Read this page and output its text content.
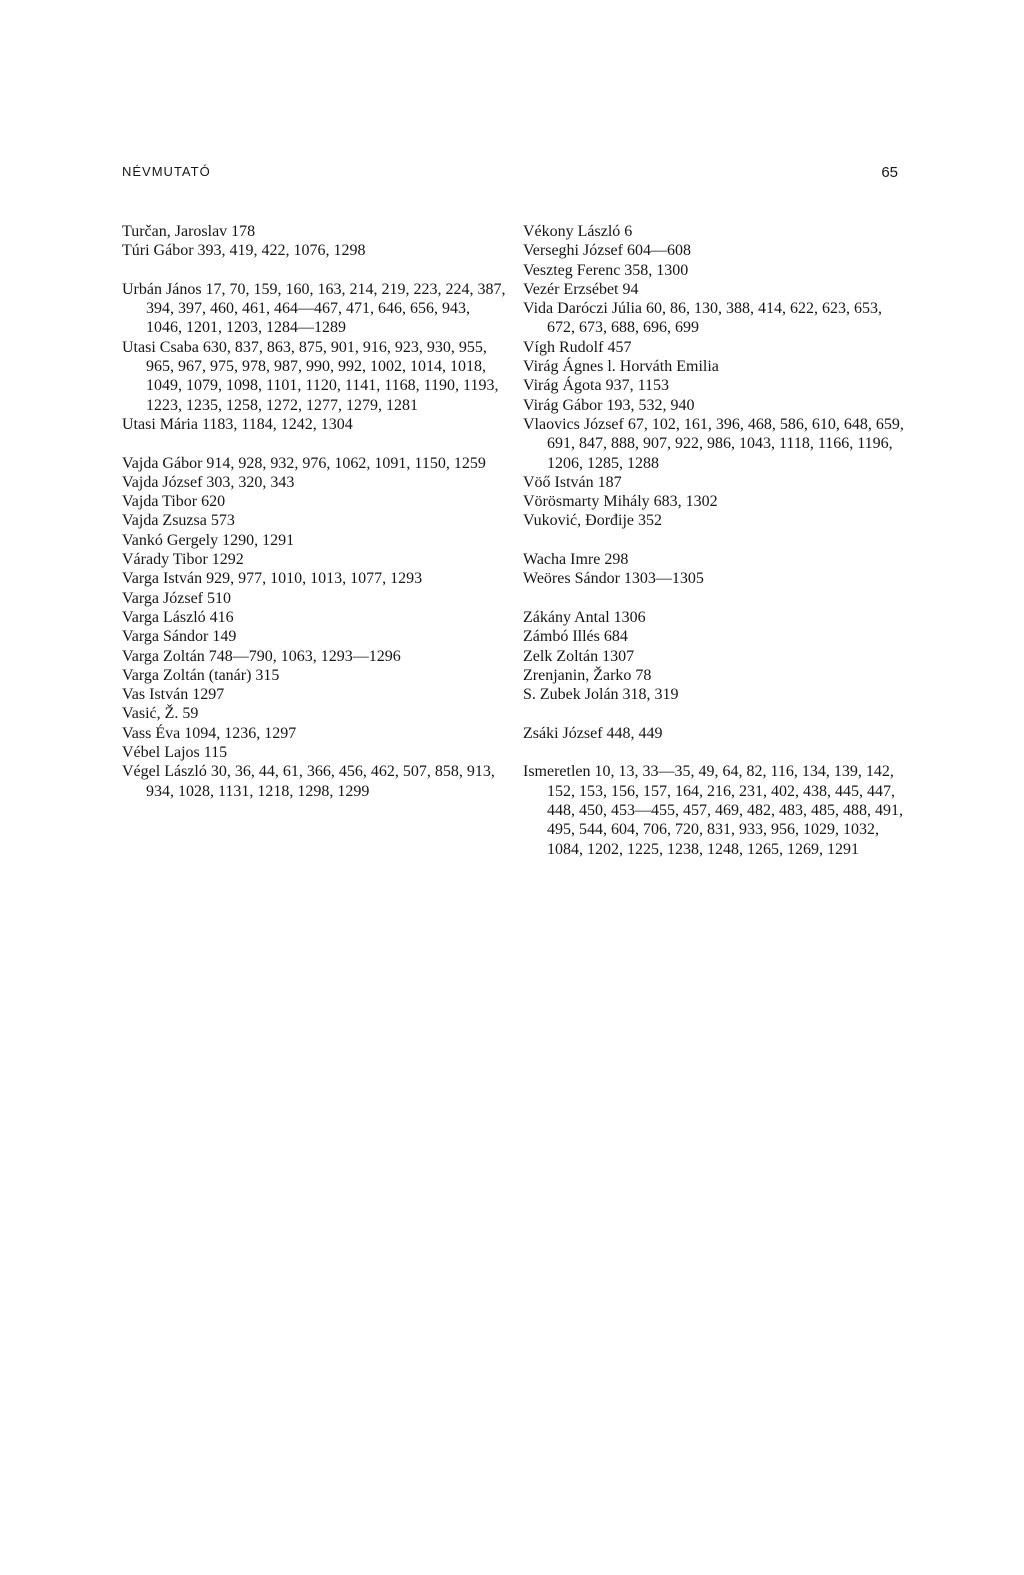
NÉVMUTATÓ	65
Turčan, Jaroslav 178
Túri Gábor 393, 419, 422, 1076, 1298
Urbán János 17, 70, 159, 160, 163, 214, 219, 223, 224, 387, 394, 397, 460, 461, 464—467, 471, 646, 656, 943, 1046, 1201, 1203, 1284—1289
Utasi Csaba 630, 837, 863, 875, 901, 916, 923, 930, 955, 965, 967, 975, 978, 987, 990, 992, 1002, 1014, 1018, 1049, 1079, 1098, 1101, 1120, 1141, 1168, 1190, 1193, 1223, 1235, 1258, 1272, 1277, 1279, 1281
Utasi Mária 1183, 1184, 1242, 1304
Vajda Gábor 914, 928, 932, 976, 1062, 1091, 1150, 1259
Vajda József 303, 320, 343
Vajda Tibor 620
Vajda Zsuzsa 573
Vankó Gergely 1290, 1291
Várady Tibor 1292
Varga István 929, 977, 1010, 1013, 1077, 1293
Varga József 510
Varga László 416
Varga Sándor 149
Varga Zoltán 748—790, 1063, 1293—1296
Varga Zoltán (tanár) 315
Vas István 1297
Vasić, Ž. 59
Vass Éva 1094, 1236, 1297
Vébel Lajos 115
Végel László 30, 36, 44, 61, 366, 456, 462, 507, 858, 913, 934, 1028, 1131, 1218, 1298, 1299
Vékony László 6
Verseghi József 604—608
Veszteg Ferenc 358, 1300
Vezér Erzsébet 94
Vida Daróczi Júlia 60, 86, 130, 388, 414, 622, 623, 653, 672, 673, 688, 696, 699
Vígh Rudolf 457
Virág Ágnes l. Horváth Emilia
Virág Ágota 937, 1153
Virág Gábor 193, 532, 940
Vlaovics József 67, 102, 161, 396, 468, 586, 610, 648, 659, 691, 847, 888, 907, 922, 986, 1043, 1118, 1166, 1196, 1206, 1285, 1288
Vöő István 187
Vörösmarty Mihály 683, 1302
Vuković, Đorđije 352
Wacha Imre 298
Weöres Sándor 1303—1305
Zákány Antal 1306
Zámbó Illés 684
Zelk Zoltán 1307
Zrenjanin, Žarko 78
S. Zubek Jolán 318, 319
Zsáki József 448, 449
Ismeretlen 10, 13, 33—35, 49, 64, 82, 116, 134, 139, 142, 152, 153, 156, 157, 164, 216, 231, 402, 438, 445, 447, 448, 450, 453—455, 457, 469, 482, 483, 485, 488, 491, 495, 544, 604, 706, 720, 831, 933, 956, 1029, 1032, 1084, 1202, 1225, 1238, 1248, 1265, 1269, 1291
